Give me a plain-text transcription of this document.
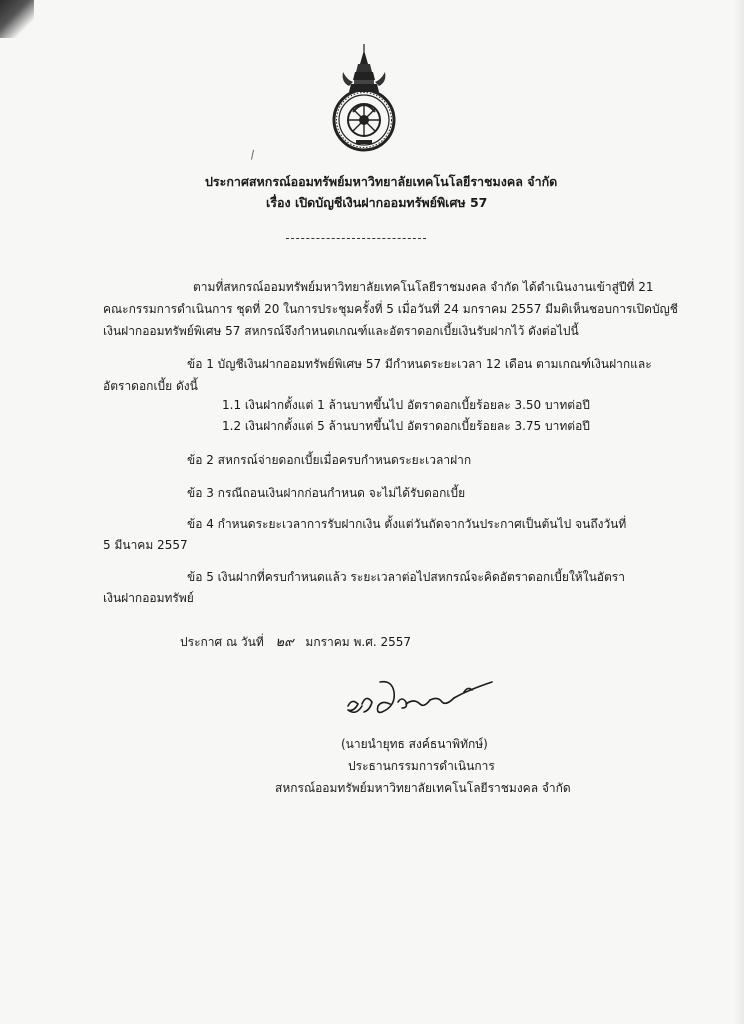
ประกาศสหกรณ์ออมทรัพย์มหาวิทยาลัยเทคโนโลยีราชมงคล จำกัด
เรื่อง เปิดบัญชีเงินฝากออมทรัพย์พิเศษ 57
ตามที่สหกรณ์ออมทรัพย์มหาวิทยาลัยเทคโนโลยีราชมงคล จำกัด ได้ดำเนินงานเข้าสู่ปีที่ 21
คณะกรรมการดำเนินการ ชุดที่ 20 ในการประชุมครั้งที่ 5 เมื่อวันที่ 24 มกราคม 2557 มีมติเห็นชอบการเปิดบัญชี
เงินฝากออมทรัพย์พิเศษ 57 สหกรณ์จึงกำหนดเกณฑ์และอัตราดอกเบี้ยเงินรับฝากไว้ ดังต่อไปนี้
ข้อ 1 บัญชีเงินฝากออมทรัพย์พิเศษ 57 มีกำหนดระยะเวลา 12 เดือน ตามเกณฑ์เงินฝากและ
อัตราดอกเบี้ย ดังนี้
1.1 เงินฝากตั้งแต่ 1 ล้านบาทขึ้นไป อัตราดอกเบี้ยร้อยละ 3.50 บาทต่อปี
1.2 เงินฝากตั้งแต่ 5 ล้านบาทขึ้นไป อัตราดอกเบี้ยร้อยละ 3.75 บาทต่อปี
ข้อ 2 สหกรณ์จ่ายดอกเบี้ยเมื่อครบกำหนดระยะเวลาฝาก
ข้อ 3 กรณีถอนเงินฝากก่อนกำหนด จะไม่ได้รับดอกเบี้ย
ข้อ 4 กำหนดระยะเวลาการรับฝากเงิน ตั้งแต่วันถัดจากวันประกาศเป็นต้นไป จนถึงวันที่
5 มีนาคม 2557
ข้อ 5 เงินฝากที่ครบกำหนดแล้ว ระยะเวลาต่อไปสหกรณ์จะคิดอัตราดอกเบี้ยให้ในอัตรา
เงินฝากออมทรัพย์
ประกาศ ณ วันที่ ๒๙ มกราคม พ.ศ. 2557
(นายนำยุทธ สงค์ธนาพิทักษ์)
ประธานกรรมการดำเนินการ
สหกรณ์ออมทรัพย์มหาวิทยาลัยเทคโนโลยีราชมงคล จำกัด
